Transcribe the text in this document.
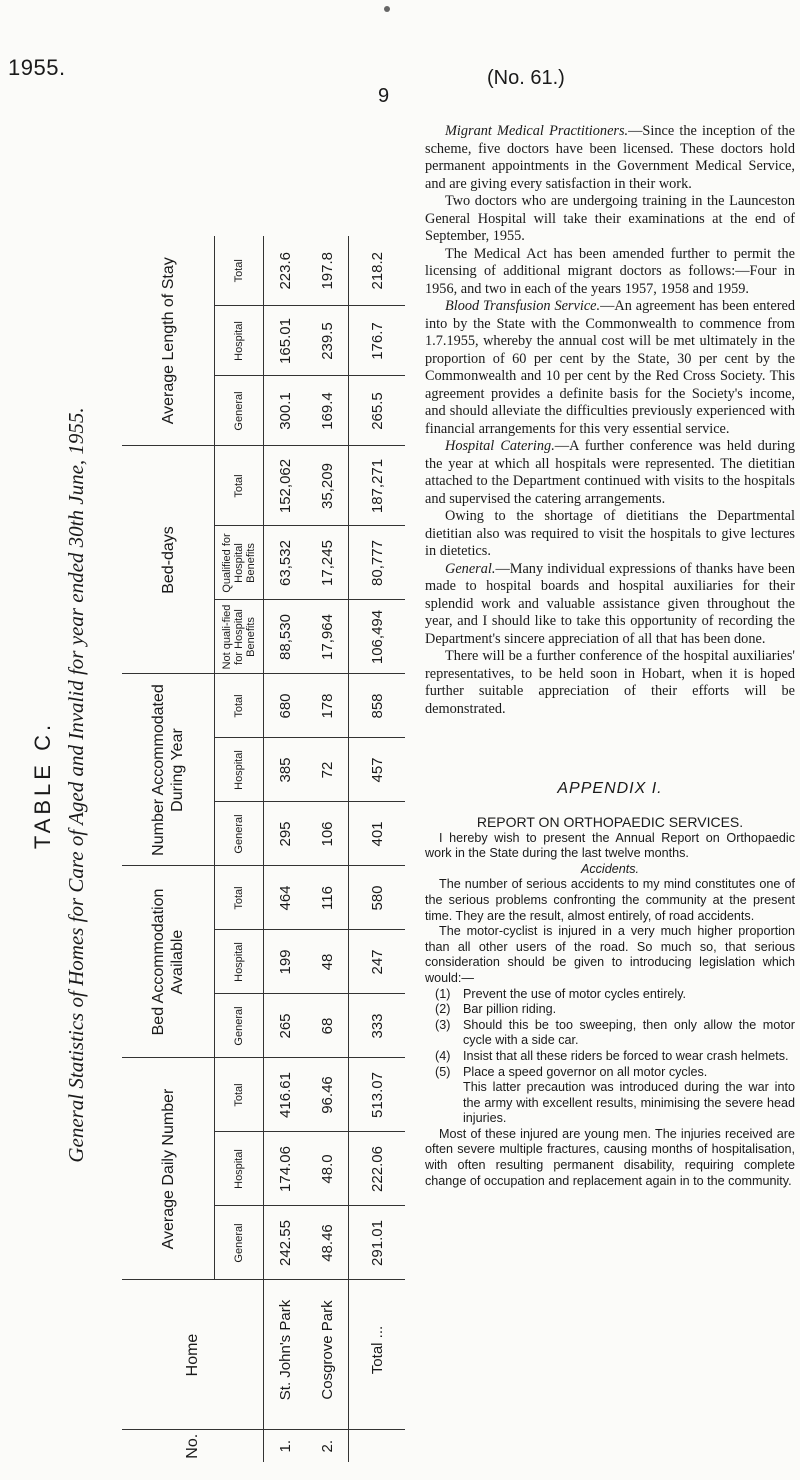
1955.
9
(No. 61.)
TABLE C. General Statistics of Homes for Care of Aged and Invalid for year ended 30th June, 1955.
No.	Home	Average Daily Number			Bed Accommodation Available			Number Accommodated During Year			Bed-days			Average Length of Stay		
		General	Hospital	Total	General	Hospital	Total	General	Hospital	Total	Not quali-fied for Hospital Benefits	Qualified for Hospital Benefits	Total	General	Hospital	Total
1.	St. John's Park	242.55	174.06	416.61	265	199	464	295	385	680	88,530	63,532	152,062	300.1	165.01	223.6
2.	Cosgrove Park	48.46	48.0	96.46	68	48	116	106	72	178	17,964	17,245	35,209	169.4	239.5	197.8
	Total ...	291.01	222.06	513.07	333	247	580	401	457	858	106,494	80,777	187,271	265.5	176.7	218.2

Migrant Medical Practitioners.—Since the inception of the scheme, five doctors have been licensed. These doctors hold permanent appointments in the Government Medical Service, and are giving every satisfaction in their work.

Two doctors who are undergoing training in the Launceston General Hospital will take their examinations at the end of September, 1955.

The Medical Act has been amended further to permit the licensing of additional migrant doctors as follows:—Four in 1956, and two in each of the years 1957, 1958 and 1959.

Blood Transfusion Service.—An agreement has been entered into by the State with the Commonwealth to commence from 1.7.1955, whereby the annual cost will be met ultimately in the proportion of 60 per cent by the State, 30 per cent by the Commonwealth and 10 per cent by the Red Cross Society. This agreement provides a definite basis for the Society's income, and should alleviate the difficulties previously experienced with financial arrangements for this very essential service.

Hospital Catering.—A further conference was held during the year at which all hospitals were represented. The dietitian attached to the Department continued with visits to the hospitals and supervised the catering arrangements.

Owing to the shortage of dietitians the Departmental dietitian also was required to visit the hospitals to give lectures in dietetics.

General.—Many individual expressions of thanks have been made to hospital boards and hospital auxiliaries for their splendid work and valuable assistance given throughout the year, and I should like to take this opportunity of recording the Department's sincere appreciation of all that has been done.

There will be a further conference of the hospital auxiliaries' representatives, to be held soon in Hobart, when it is hoped further suitable appreciation of their efforts will be demonstrated.

APPENDIX I.

REPORT ON ORTHOPAEDIC SERVICES.

I hereby wish to present the Annual Report on Orthopaedic work in the State during the last twelve months.

Accidents.

The number of serious accidents to my mind constitutes one of the serious problems confronting the community at the present time. They are the result, almost entirely, of road accidents.

The motor-cyclist is injured in a very much higher proportion than all other users of the road. So much so, that serious consideration should be given to introducing legislation which would:—

(1) Prevent the use of motor cycles entirely.
(2) Bar pillion riding.
(3) Should this be too sweeping, then only allow the motor cycle with a side car.
(4) Insist that all these riders be forced to wear crash helmets.
(5) Place a speed governor on all motor cycles.

This latter precaution was introduced during the war into the army with excellent results, minimising the severe head injuries.

Most of these injured are young men. The injuries received are often severe multiple fractures, causing months of hospitalisation, with often resulting permanent disability, requiring complete change of occupation and replacement again in to the community.
